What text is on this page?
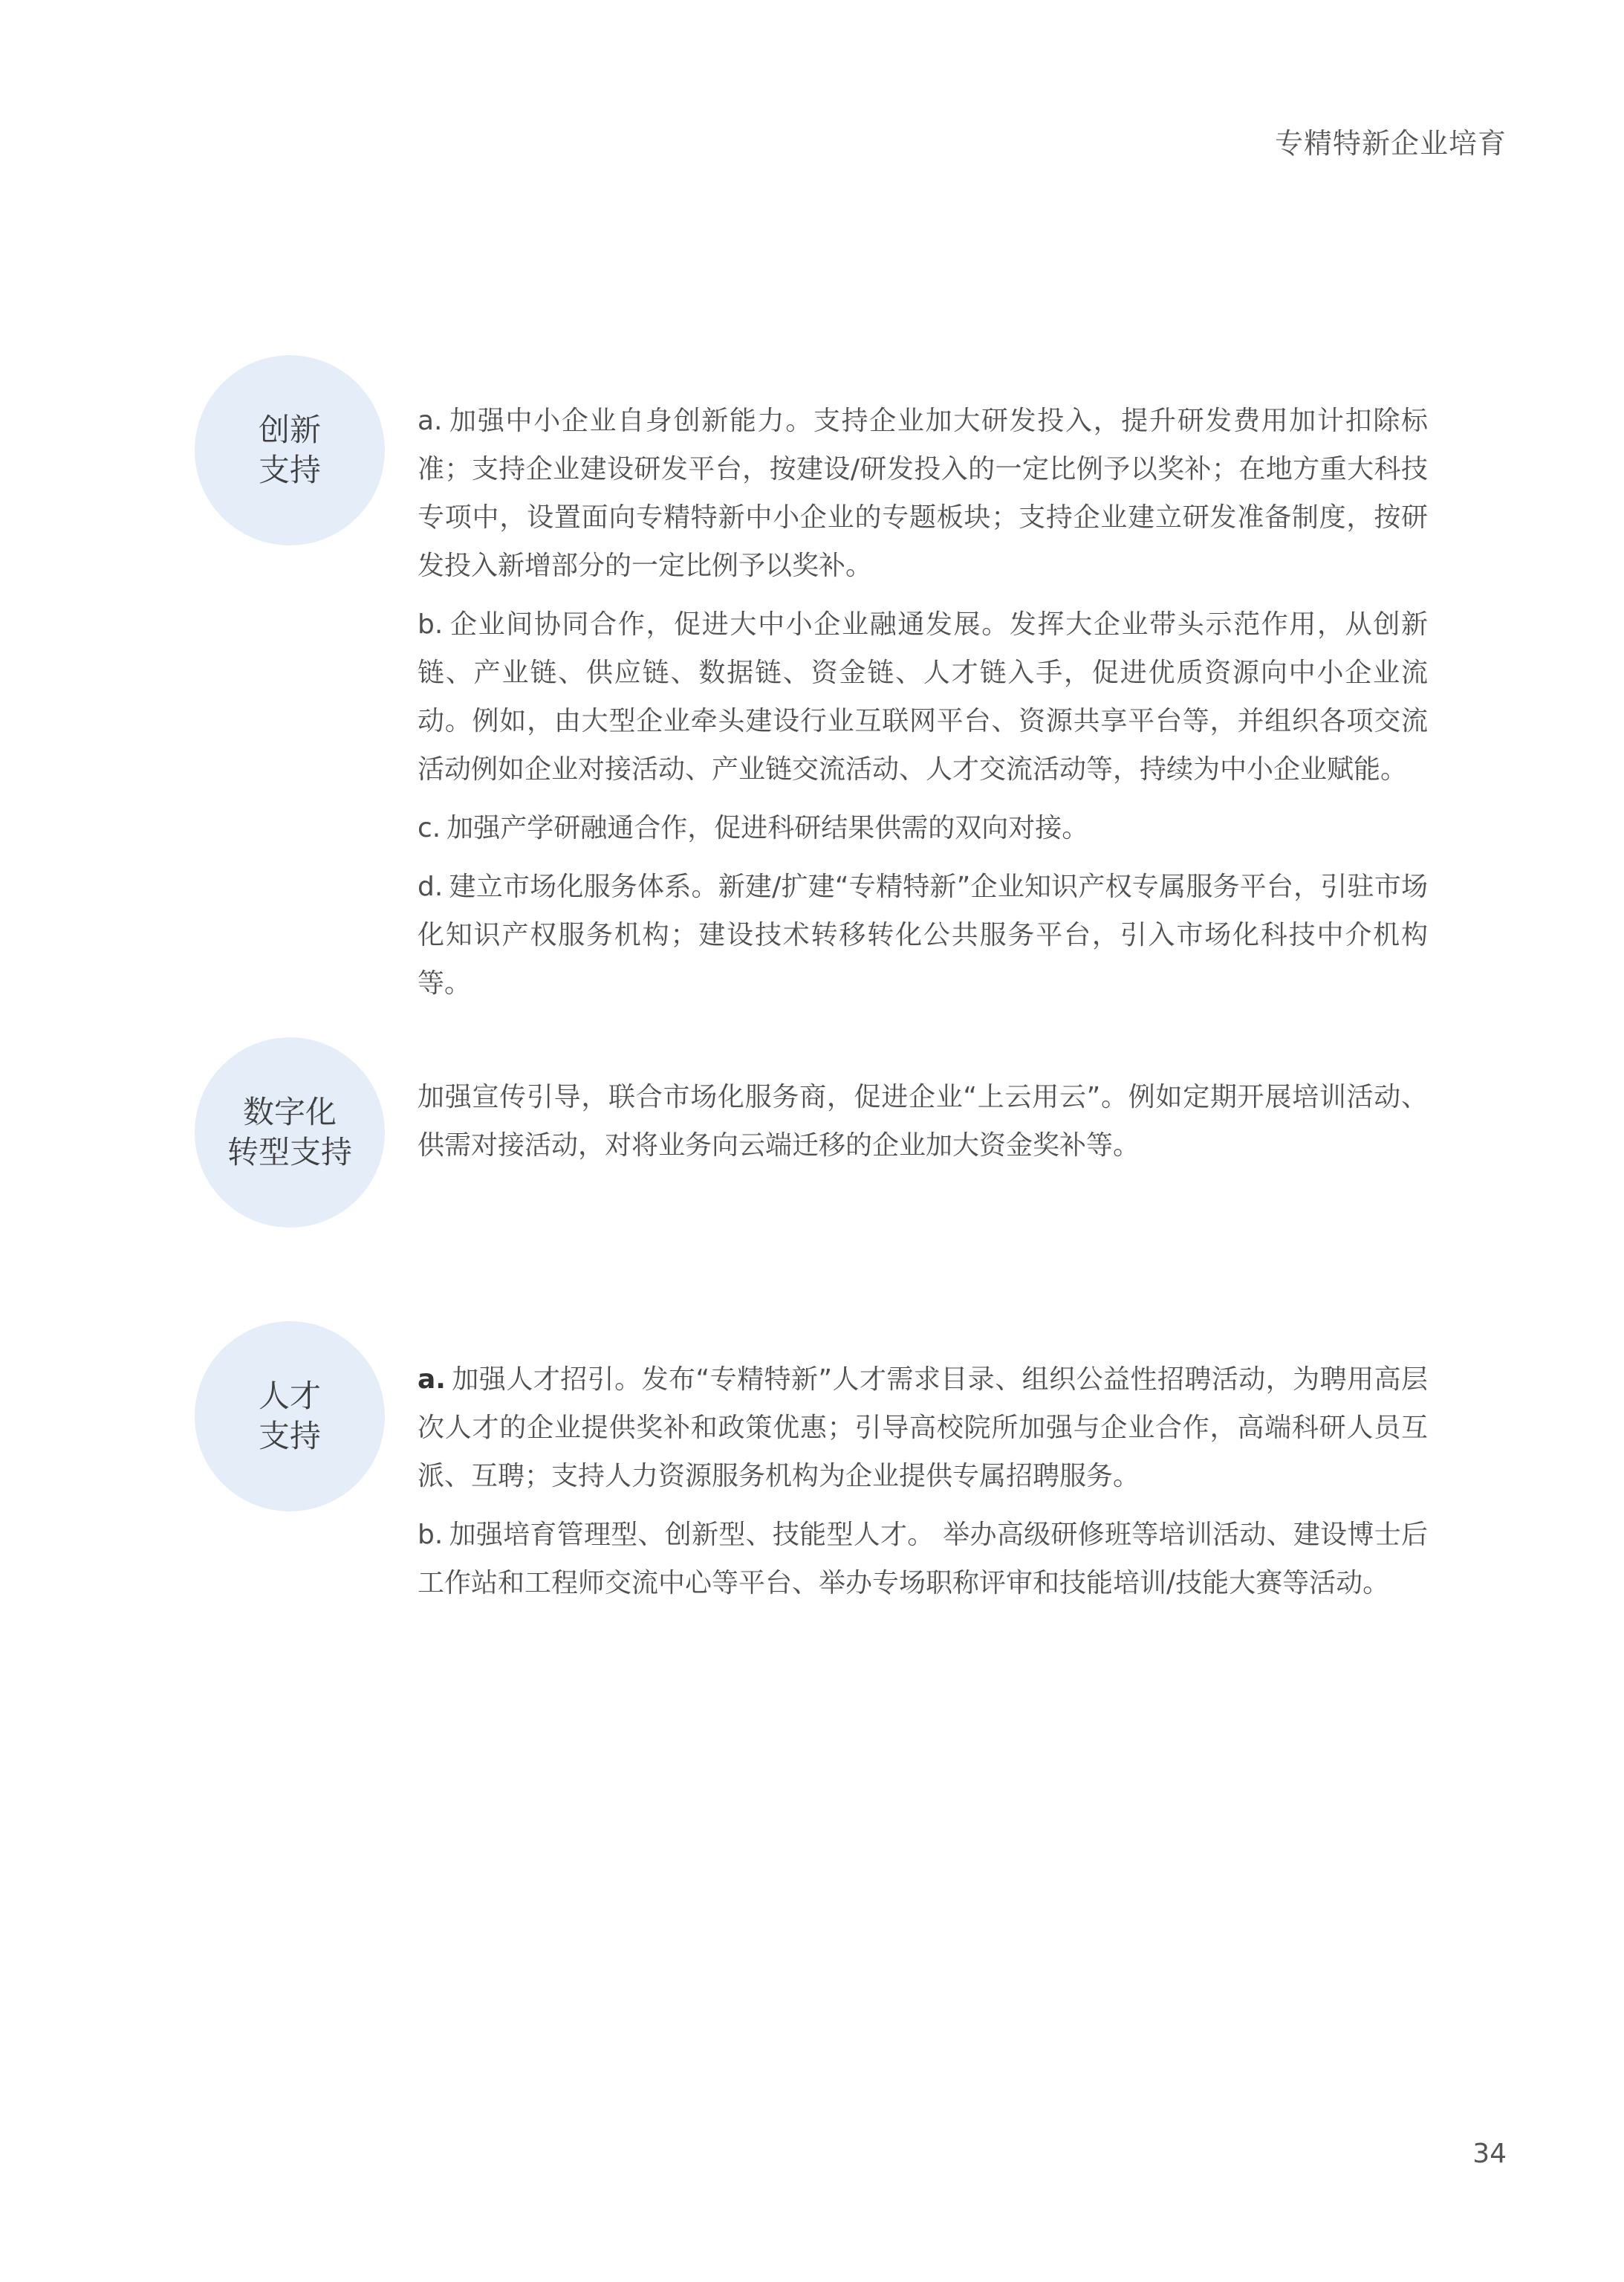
专精特新企业培育
创新
支持

a. 加强中小企业自身创新能力。支持企业加大研发投入，提升研发费用加计扣除标准；支持企业建设研发平台，按建设/研发投入的一定比例予以奖补；在地方重大科技专项中，设置面向专精特新中小企业的专题板块；支持企业建立研发准备制度，按研发投入新增部分的一定比例予以奖补。

b. 企业间协同合作，促进大中小企业融通发展。发挥大企业带头示范作用，从创新链、产业链、供应链、数据链、资金链、人才链入手，促进优质资源向中小企业流动。例如，由大型企业牵头建设行业互联网平台、资源共享平台等，并组织各项交流活动例如企业对接活动、产业链交流活动、人才交流活动等，持续为中小企业赋能。

c. 加强产学研融通合作，促进科研结果供需的双向对接。

d. 建立市场化服务体系。新建/扩建“专精特新”企业知识产权专属服务平台，引驻市场化知识产权服务机构；建设技术转移转化公共服务平台，引入市场化科技中介机构等。

数字化
转型支持

加强宣传引导，联合市场化服务商，促进企业“上云用云”。例如定期开展培训活动、供需对接活动，对将业务向云端迁移的企业加大资金奖补等。

人才
支持

a. 加强人才招引。发布“专精特新”人才需求目录、组织公益性招聘活动，为聘用高层次人才的企业提供奖补和政策优惠；引导高校院所加强与企业合作，高端科研人员互派、互聘；支持人力资源服务机构为企业提供专属招聘服务。

b. 加强培育管理型、创新型、技能型人才。 举办高级研修班等培训活动、建设博士后工作站和工程师交流中心等平台、举办专场职称评审和技能培训/技能大赛等活动。

34
